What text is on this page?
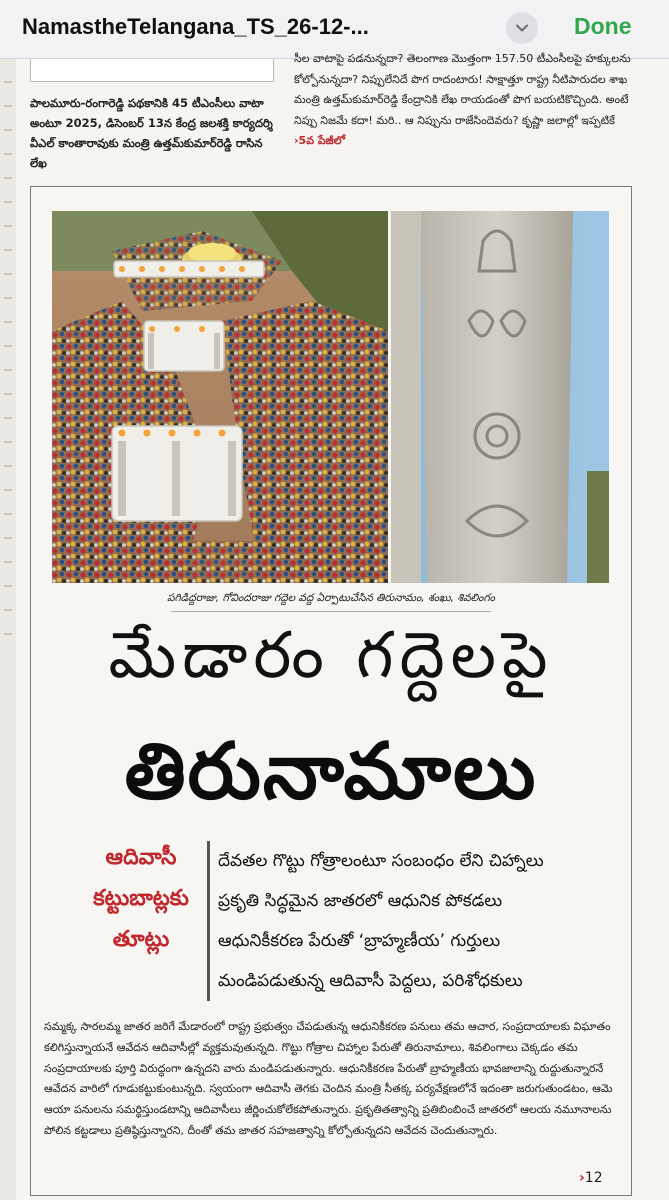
NamastheTelangana_TS_26-12-...	Done
పాలమూరు-రంగారెడ్డి పథకానికి 45 టీఎంసీలు వాటా అంటూ 2025, డిసెంబర్ 13న కేంద్ర జలశక్తి కార్యదర్శి వీఎల్ కాంతారావుకు మంత్రి ఉత్తమ్‌కుమార్‌రెడ్డి రాసిన లేఖ
సీల వాటాపై పడనున్నదా? తెలంగాణ మొత్తంగా 157.50 టీఎంసీలపై హక్కులను కోల్పోనున్నదా? నిప్పులేనిదే పొగ రాదంటారు! సాక్షాత్తూ రాష్ట్ర నీటిపారుదల శాఖ మంత్రి ఉత్తమ్‌కుమార్‌రెడ్డి కేంద్రానికి లేఖ రాయడంతో పొగ బయటికొచ్చింది. అంటే నిప్పు నిజమే కదా! మరి.. ఆ నిప్పును రాజేసిందెవరు? కృష్ణా జలాల్లో ఇప్పటికే ›5వ పేజీలో
పగిడిద్దరాజు, గోవిందరాజు గద్దెల వద్ద ఏర్పాటుచేసిన తిరునామం, శంఖు, శివలింగం
మేడారం గద్దెలపై
తిరునామాలు
ఆదివాసీ
కట్టుబాట్లకు
తూట్లు
దేవతల గొట్టు గోత్రాలంటూ సంబంధం లేని చిహ్నాలు
ప్రకృతి సిద్ధమైన జాతరలో ఆధునిక పోకడలు
ఆధునికీకరణ పేరుతో ‘బ్రాహ్మణీయ’ గుర్తులు
మండిపడుతున్న ఆదివాసీ పెద్దలు, పరిశోధకులు
సమ్మక్క సారలమ్మ జాతర జరిగే మేడారంలో రాష్ట్ర ప్రభుత్వం చేపడుతున్న ఆధునికీకరణ పనులు తమ ఆచార, సంప్రదాయాలకు విఘాతం కలిగిస్తున్నాయనే ఆవేదన ఆదివాసీల్లో వ్యక్తమవుతున్నది. గొట్టు గోత్రాల చిహ్నాల పేరుతో తిరునామాలు, శివలింగాలు చెక్కడం తమ సంప్రదాయాలకు పూర్తి విరుద్ధంగా ఉన్నదని వారు మండిపడుతున్నారు. ఆధునికీకరణ పేరుతో బ్రాహ్మణీయ భావజాలాన్ని రుద్దుతున్నారనే ఆవేదన వారిలో గూడుకట్టుకుంటున్నది. స్వయంగా ఆదివాసీ తెగకు చెందిన మంత్రి సీతక్క పర్యవేక్షణలోనే ఇదంతా జరుగుతుండటం, ఆమె ఆయా పనులను సమర్థిస్తుండటాన్ని ఆదివాసీలు జీర్ణించుకోలేకపోతున్నారు. ప్రకృతితత్వాన్ని ప్రతిబింబించే జాతరలో ఆలయ నమూనాలను పోలిన కట్టడాలు ప్రతిష్ఠిస్తున్నారని, దీంతో తమ జాతర సహజత్వాన్ని కోల్పోతున్నదని ఆవేదన చెందుతున్నారు.
›12
